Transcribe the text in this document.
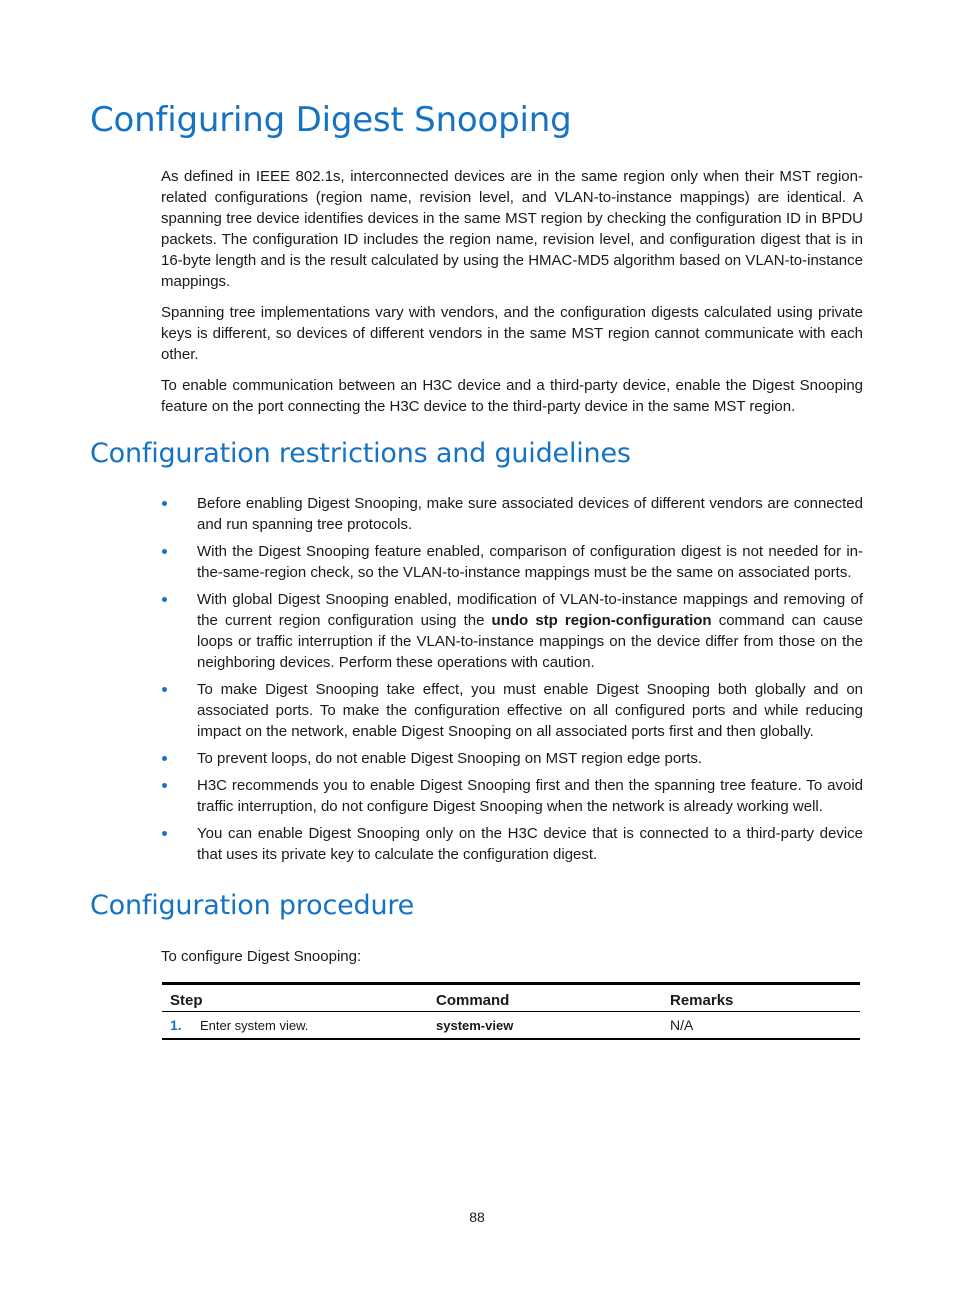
Configuring Digest Snooping

As defined in IEEE 802.1s, interconnected devices are in the same region only when their MST region-related configurations (region name, revision level, and VLAN-to-instance mappings) are identical. A spanning tree device identifies devices in the same MST region by checking the configuration ID in BPDU packets. The configuration ID includes the region name, revision level, and configuration digest that is in 16-byte length and is the result calculated by using the HMAC-MD5 algorithm based on VLAN-to-instance mappings.

Spanning tree implementations vary with vendors, and the configuration digests calculated using private keys is different, so devices of different vendors in the same MST region cannot communicate with each other.

To enable communication between an H3C device and a third-party device, enable the Digest Snooping feature on the port connecting the H3C device to the third-party device in the same MST region.

Configuration restrictions and guidelines
Before enabling Digest Snooping, make sure associated devices of different vendors are connected and run spanning tree protocols.
With the Digest Snooping feature enabled, comparison of configuration digest is not needed for in-the-same-region check, so the VLAN-to-instance mappings must be the same on associated ports.
With global Digest Snooping enabled, modification of VLAN-to-instance mappings and removing of the current region configuration using the undo stp region-configuration command can cause loops or traffic interruption if the VLAN-to-instance mappings on the device differ from those on the neighboring devices. Perform these operations with caution.
To make Digest Snooping take effect, you must enable Digest Snooping both globally and on associated ports. To make the configuration effective on all configured ports and while reducing impact on the network, enable Digest Snooping on all associated ports first and then globally.
To prevent loops, do not enable Digest Snooping on MST region edge ports.
H3C recommends you to enable Digest Snooping first and then the spanning tree feature. To avoid traffic interruption, do not configure Digest Snooping when the network is already working well.
You can enable Digest Snooping only on the H3C device that is connected to a third-party device that uses its private key to calculate the configuration digest.
Configuration procedure

To configure Digest Snooping:

Step	Command	Remarks
1. Enter system view.	system-view	N/A
88
